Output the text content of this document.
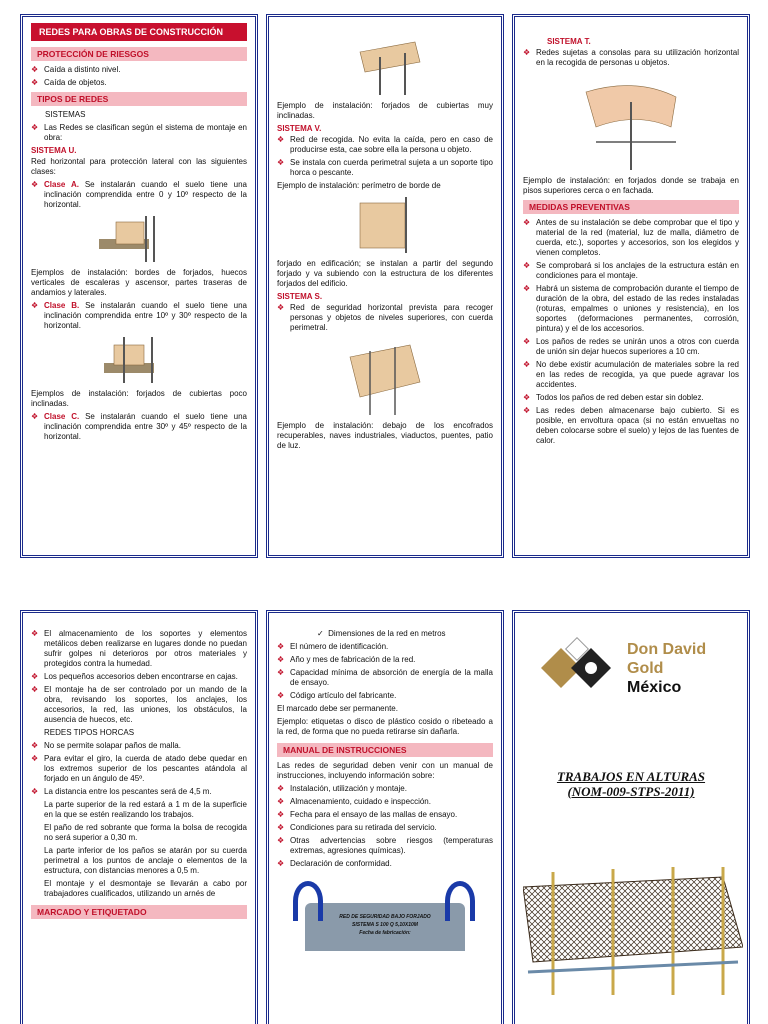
REDES PARA OBRAS DE CONSTRUCCIÓN
PROTECCIÓN DE RIESGOS
❖ Caída a distinto nivel.
❖ Caída de objetos.
TIPOS DE REDES
SISTEMAS
❖ Las Redes se clasifican según el sistema de montaje en obra:
SISTEMA U.
Red horizontal para protección lateral con las siguientes clases:
❖ Clase A. Se instalarán cuando el suelo tiene una inclinación comprendida entre 0 y 10º respecto de la horizontal.
Ejemplos de instalación: bordes de forjados, huecos verticales de escaleras y ascensor, partes traseras de andamios y laterales.
❖ Clase B. Se instalarán cuando el suelo tiene una inclinación comprendida entre 10º y 30º respecto de la horizontal.
Ejemplos de instalación: forjados de cubiertas poco inclinadas.
❖ Clase C. Se instalarán cuando el suelo tiene una inclinación comprendida entre 30º y 45º respecto de la horizontal.
Ejemplo de instalación: forjados de cubiertas muy inclinadas.
SISTEMA V.
❖ Red de recogida. No evita la caída, pero en caso de producirse esta, cae sobre ella la persona u objeto.
❖ Se instala con cuerda perimetral sujeta a un soporte tipo horca o pescante.
Ejemplo de instalación: perímetro de borde de
forjado en edificación; se instalan a partir del segundo forjado y va subiendo con la estructura de los diferentes forjados del edificio.
SISTEMA S.
❖ Red de seguridad horizontal prevista para recoger personas y objetos de niveles superiores, con cuerda perimetral.
Ejemplo de instalación: debajo de los encofrados recuperables, naves industriales, viaductos, puentes, patio de luz.
SISTEMA T.
❖ Redes sujetas a consolas para su utilización horizontal en la recogida de personas u objetos.
Ejemplo de instalación: en forjados donde se trabaja en pisos superiores cerca o en fachada.
MEDIDAS PREVENTIVAS
❖ Antes de su instalación se debe comprobar que el tipo y material de la red (material, luz de malla, diámetro de cuerda, etc.), soportes y accesorios, son los elegidos y vienen completos.
❖ Se comprobará si los anclajes de la estructura están en condiciones para el montaje.
❖ Habrá un sistema de comprobación durante el tiempo de duración de la obra, del estado de las redes instaladas (roturas, empalmes o uniones y resistencia), en los soportes (deformaciones permanentes, corrosión, pintura) y el de los accesorios.
❖ Los paños de redes se unirán unos a otros con cuerda de unión sin dejar huecos superiores a 10 cm.
❖ No debe existir acumulación de materiales sobre la red en las redes de recogida, ya que puede agravar los accidentes.
❖ Todos los paños de red deben estar sin doblez.
❖ Las redes deben almacenarse bajo cubierto. Si es posible, en envoltura opaca (si no están envueltas no deben colocarse sobre el suelo) y lejos de las fuentes de calor.
❖ El almacenamiento de los soportes y elementos metálicos deben realizarse en lugares donde no puedan sufrir golpes ni deterioros por otros materiales y protegidos contra la humedad.
❖ Los pequeños accesorios deben encontrarse en cajas.
❖ El montaje ha de ser controlado por un mando de la obra, revisando los soportes, los anclajes, los accesorios, la red, las uniones, los obstáculos, la ausencia de huecos, etc.
REDES TIPOS HORCAS
❖ No se permite solapar paños de malla.
❖ Para evitar el giro, la cuerda de atado debe quedar en los extremos superior de los pescantes atándola al forjado en un ángulo de 45º.
❖ La distancia entre los pescantes será de 4,5 m.
La parte superior de la red estará a 1 m de la superficie en la que se estén realizando los trabajos.
El paño de red sobrante que forma la bolsa de recogida no será superior a 0,30 m.
La parte inferior de los paños se atarán por su cuerda perimetral a los puntos de anclaje o elementos de la estructura, con distancias menores a 0,5 m.
El montaje y el desmontaje se llevarán a cabo por trabajadores cualificados, utilizando un arnés de
MARCADO Y ETIQUETADO
✓ Dimensiones de la red en metros
❖ El número de identificación.
❖ Año y mes de fabricación de la red.
❖ Capacidad mínima de absorción de energía de la malla de ensayo.
❖ Código artículo del fabricante.
El marcado debe ser permanente.
Ejemplo: etiquetas o disco de plástico cosido o ribeteado a la red, de forma que no pueda retirarse sin dañarla.
MANUAL DE INSTRUCCIONES
Las redes de seguridad deben venir con un manual de instrucciones, incluyendo información sobre:
❖ Instalación, utilización y montaje.
❖ Almacenamiento, cuidado e inspección.
❖ Fecha para el ensayo de las mallas de ensayo.
❖ Condiciones para su retirada del servicio.
❖ Otras advertencias sobre riesgos (temperaturas extremas, agresiones químicas).
❖ Declaración de conformidad.
RED DE SEGURIDAD BAJO FORJADO
SISTEMA S 100 Q 5,10X10M
Fecha de fabricación:
Don David
Gold
México
TRABAJOS EN ALTURAS
(NOM-009-STPS-2011)
